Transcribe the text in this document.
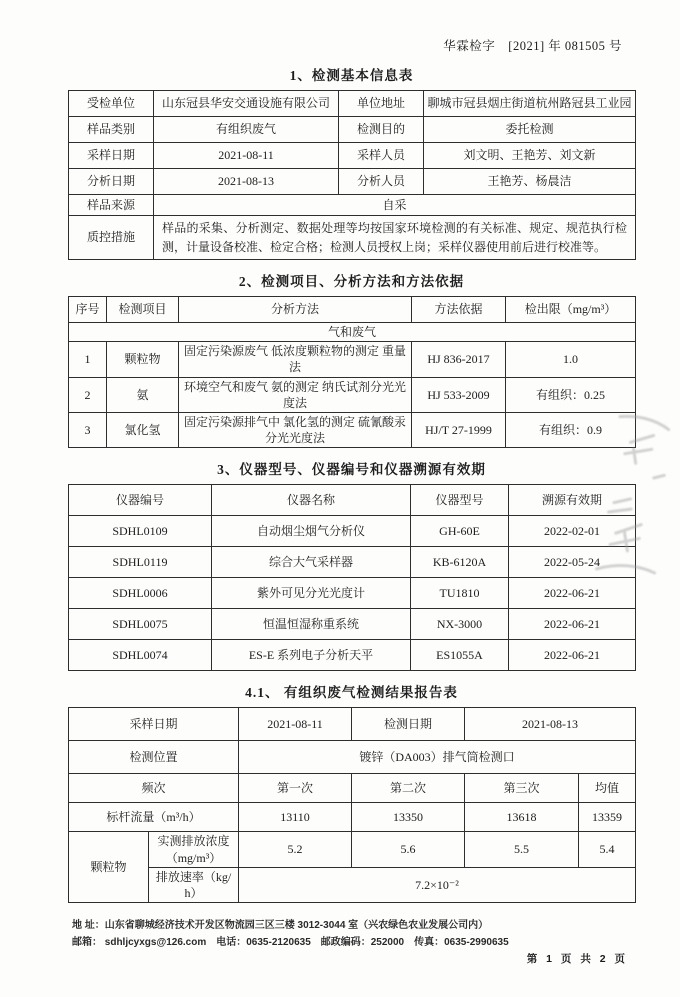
华霖检字　[2021] 年 081505 号
1、检测基本信息表
受检单位	山东冠县华安交通设施有限公司	单位地址	聊城市冠县烟庄街道杭州路冠县工业园
样品类别	有组织废气	检测目的	委托检测
采样日期	2021-08-11	采样人员	刘文明、王艳芳、刘文新
分析日期	2021-08-13	分析人员	王艳芳、杨晨洁
样品来源	自采		
质控措施	样品的采集、分析测定、数据处理等均按国家环境检测的有关标准、规定、规范执行检测，计量设备校准、检定合格；检测人员授权上岗；采样仪器使用前后进行校准等。		
2、检测项目、分析方法和方法依据
序号	检测项目	分析方法	方法依据	检出限（mg/m³）
气和废气				
1	颗粒物	固定污染源废气 低浓度颗粒物的测定 重量法	HJ 836-2017	1.0
2	氨	环境空气和废气 氨的测定 纳氏试剂分光光度法	HJ 533-2009	有组织：0.25
3	氯化氢	固定污染源排气中 氯化氢的测定 硫氰酸汞分光光度法	HJ/T 27-1999	有组织：0.9
3、仪器型号、仪器编号和仪器溯源有效期
仪器编号	仪器名称	仪器型号	溯源有效期
SDHL0109	自动烟尘烟气分析仪	GH-60E	2022-02-01
SDHL0119	综合大气采样器	KB-6120A	2022-05-24
SDHL0006	紫外可见分光光度计	TU1810	2022-06-21
SDHL0075	恒温恒湿称重系统	NX-3000	2022-06-21
SDHL0074	ES-E 系列电子分析天平	ES1055A	2022-06-21
4.1、 有组织废气检测结果报告表
采样日期		2021-08-11	检测日期	2021-08-13	
检测位置		镀锌（DA003）排气筒检测口			
频次		第一次	第二次	第三次	均值
标杆流量（m³/h）		13110	13350	13618	13359
颗粒物	实测排放浓度（mg/m³）	5.2	5.6	5.5	5.4
	排放速率（kg/h）	7.2×10⁻²			
地 址：山东省聊城经济技术开发区物流园三区三楼 3012-3044 室（兴农绿色农业发展公司内）
邮箱： sdhljcyxgs@126.com　电话：0635-2120635　邮政编码：252000　传真：0635-2990635
第 1 页 共 2 页
